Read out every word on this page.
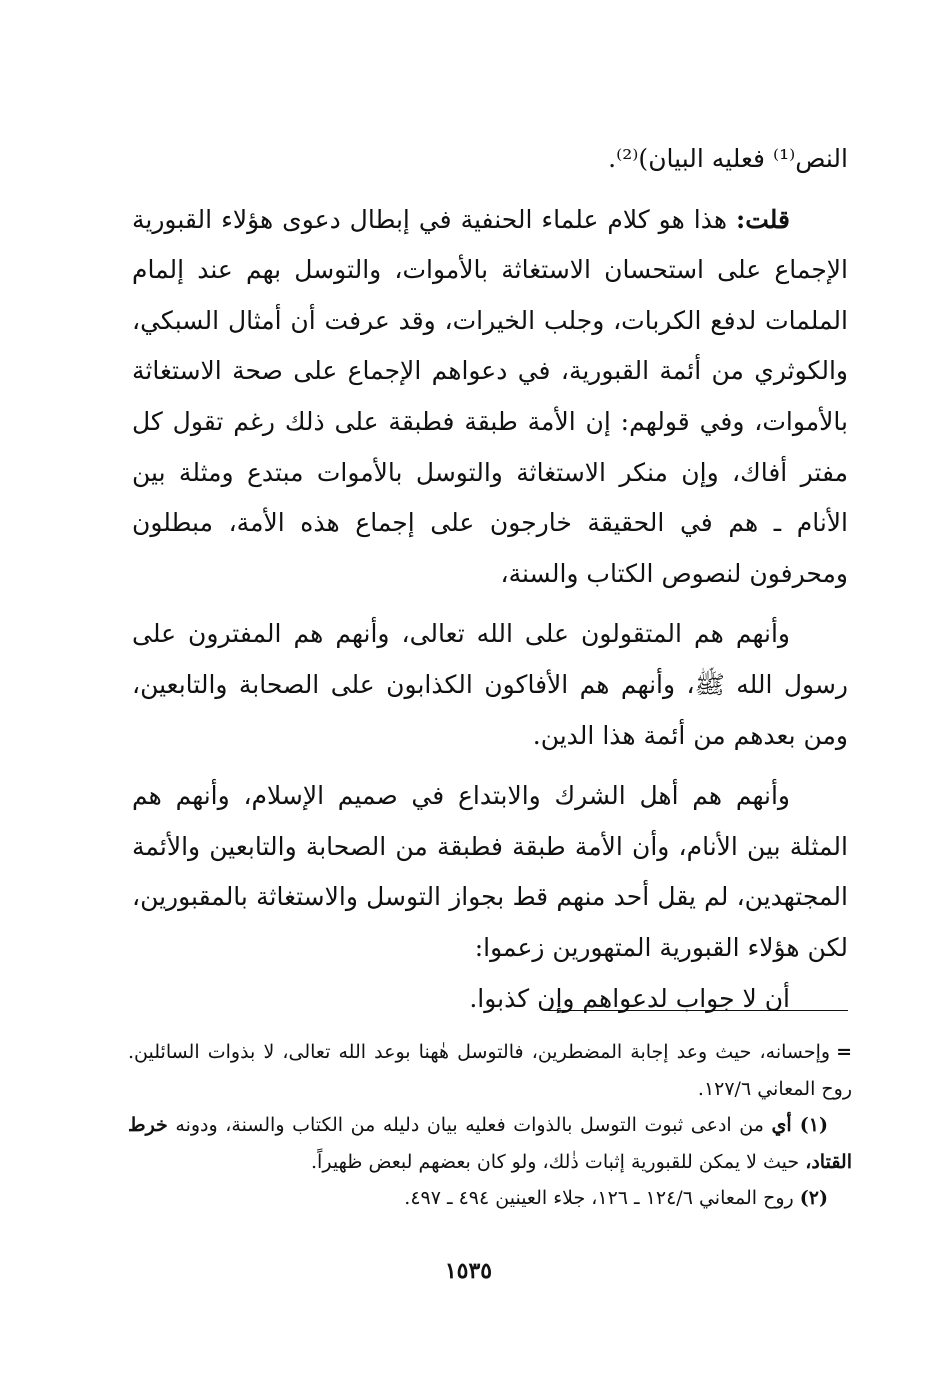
النص⁽¹⁾ فعليه البيان)⁽²⁾.

قلت: هذا هو كلام علماء الحنفية في إبطال دعوى هؤلاء القبورية الإجماع على استحسان الاستغاثة بالأموات، والتوسل بهم عند إلمام الملمات لدفع الكربات، وجلب الخيرات، وقد عرفت أن أمثال السبكي، والكوثري من أئمة القبورية، في دعواهم الإجماع على صحة الاستغاثة بالأموات، وفي قولهم: إن الأمة طبقة فطبقة على ذلك رغم تقول كل مفتر أفاك، وإن منكر الاستغاثة والتوسل بالأموات مبتدع ومثلة بين الأنام ـ هم في الحقيقة خارجون على إجماع هذه الأمة، مبطلون ومحرفون لنصوص الكتاب والسنة،

وأنهم هم المتقولون على الله تعالى، وأنهم هم المفترون على رسول الله ﷺ، وأنهم هم الأفاكون الكذابون على الصحابة والتابعين، ومن بعدهم من أئمة هذا الدين.

وأنهم هم أهل الشرك والابتداع في صميم الإسلام، وأنهم هم المثلة بين الأنام، وأن الأمة طبقة فطبقة من الصحابة والتابعين والأئمة المجتهدين، لم يقل أحد منهم قط بجواز التوسل والاستغاثة بالمقبورين، لكن هؤلاء القبورية المتهورين زعموا:

أن لا جواب لدعواهم وإن كذبوا.

=وإحسانه، حيث وعد إجابة المضطرين، فالتوسل هٰهنا بوعد الله تعالى، لا بذوات السائلين. روح المعاني ١٢٧/٦.

(١) أي من ادعى ثبوت التوسل بالذوات فعليه بيان دليله من الكتاب والسنة، ودونه خرط القتاد، حيث لا يمكن للقبورية إثبات ذٰلك، ولو كان بعضهم لبعض ظهيراً.

(٢) روح المعاني ١٢٤/٦ ـ ١٢٦، جلاء العينين ٤٩٤ ـ ٤٩٧.

١٥٣٥
